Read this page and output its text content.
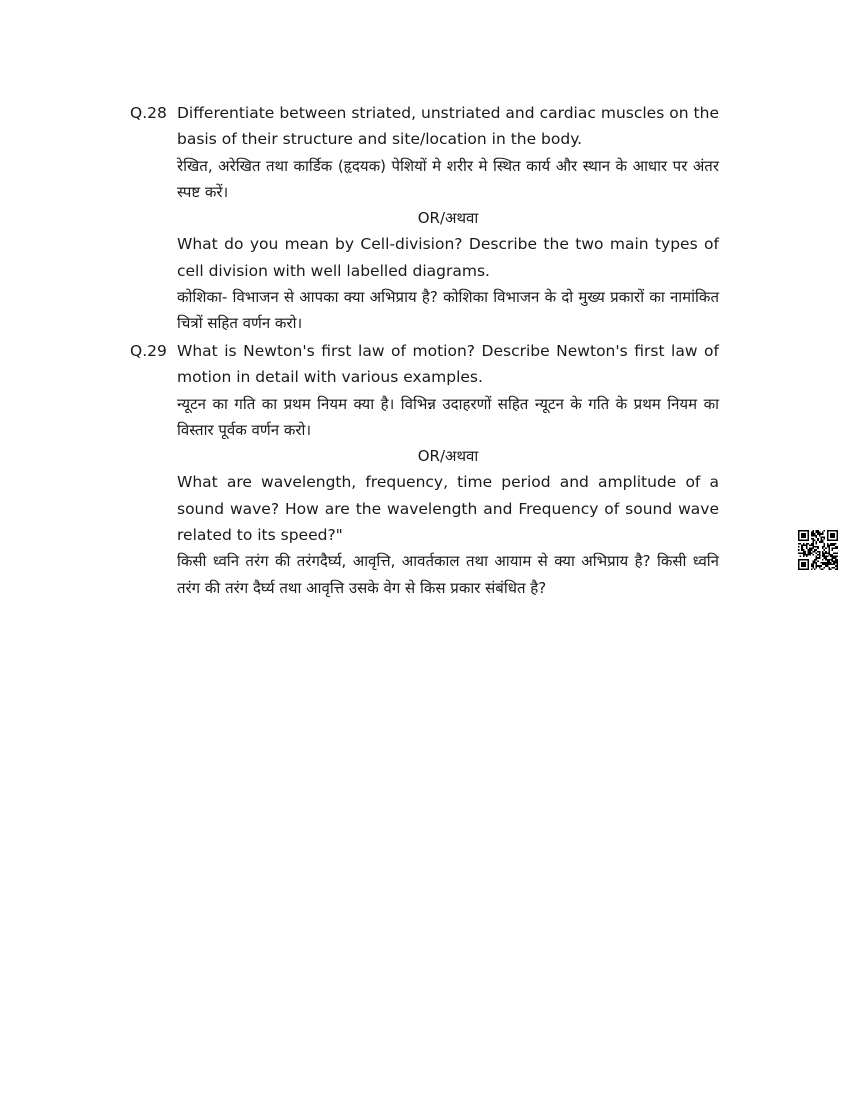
Q.28 Differentiate between striated, unstriated and cardiac muscles on the basis of their structure and site/location in the body.

रेखित, अरेखित तथा कार्डिक (हृदयक) पेशियों मे शरीर मे स्थित कार्य और स्थान के आधार पर अंतर स्पष्ट करें।

OR/अथवा

What do you mean by Cell-division? Describe the two main types of cell division with well labelled diagrams.

कोशिका- विभाजन से आपका क्या अभिप्राय है? कोशिका विभाजन के दो मुख्य प्रकारों का नामांकित चित्रों सहित वर्णन करो।

Q.29 What is Newton's first law of motion? Describe Newton's first law of motion in detail with various examples.

न्यूटन का गति का प्रथम नियम क्या है। विभिन्न उदाहरणों सहित न्यूटन के गति के प्रथम नियम का विस्तार पूर्वक वर्णन करो।

OR/अथवा

What are wavelength, frequency, time period and amplitude of a sound wave? How are the wavelength and Frequency of sound wave related to its speed?"

किसी ध्वनि तरंग की तरंगदैर्घ्य, आवृत्ति, आवर्तकाल तथा आयाम से क्या अभिप्राय है? किसी ध्वनि तरंग की तरंग दैर्घ्य तथा आवृत्ति उसके वेग से किस प्रकार संबंधित है?
